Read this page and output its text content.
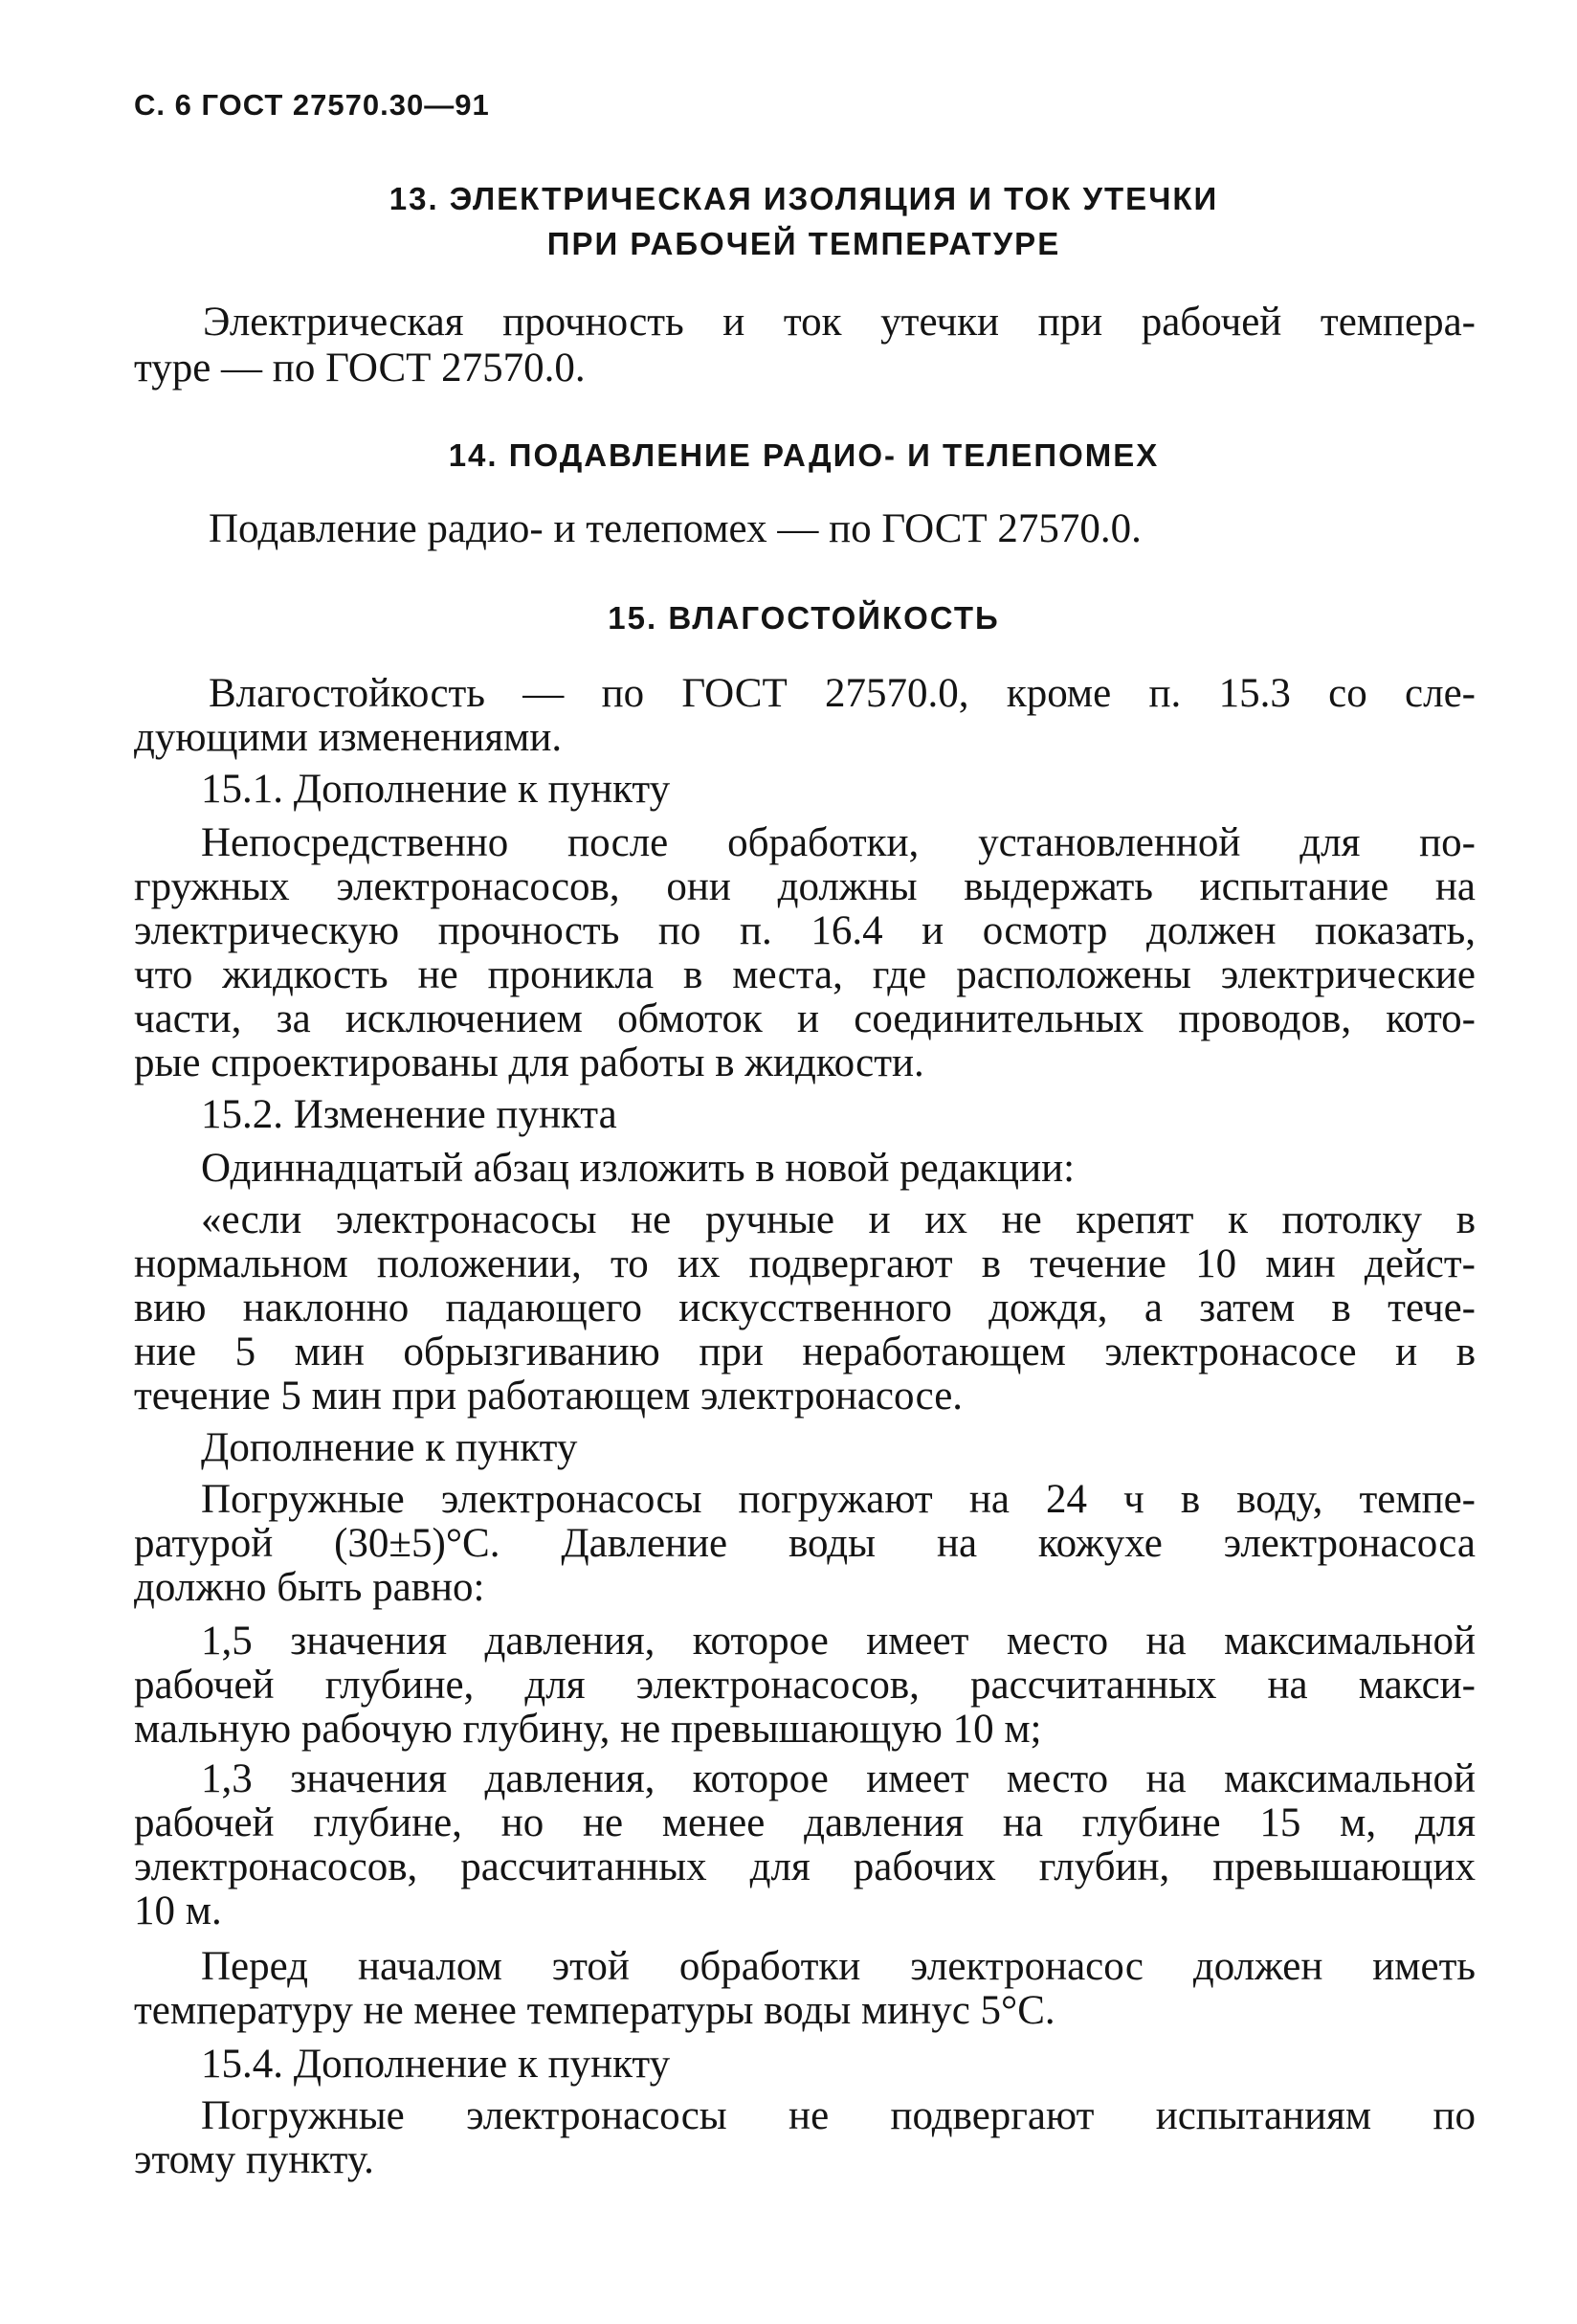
С. 6 ГОСТ 27570.30—91
13. ЭЛЕКТРИЧЕСКАЯ ИЗОЛЯЦИЯ И ТОК УТЕЧКИ
ПРИ РАБОЧЕЙ ТЕМПЕРАТУРЕ
Электрическая прочность и ток утечки при рабочей темпера-
туре — по ГОСТ 27570.0.
14. ПОДАВЛЕНИЕ РАДИО- И ТЕЛЕПОМЕХ
Подавление радио- и телепомех — по ГОСТ 27570.0.
15. ВЛАГОСТОЙКОСТЬ
Влагостойкость — по ГОСТ 27570.0, кроме п. 15.3 со сле-
дующими изменениями.
15.1. Дополнение к пункту
Непосредственно после обработки, установленной для по-
гружных электронасосов, они должны выдержать испытание на
электрическую прочность по п. 16.4 и осмотр должен показать,
что жидкость не проникла в места, где расположены электрические
части, за исключением обмоток и соединительных проводов, кото-
рые спроектированы для работы в жидкости.
15.2. Изменение пункта
Одиннадцатый абзац изложить в новой редакции:
«если электронасосы не ручные и их не крепят к потолку в
нормальном положении, то их подвергают в течение 10 мин дейст-
вию наклонно падающего искусственного дождя, а затем в тече-
ние 5 мин обрызгиванию при неработающем электронасосе и в
течение 5 мин при работающем электронасосе.
Дополнение к пункту
Погружные электронасосы погружают на 24 ч в воду, темпе-
ратурой (30±5)°C. Давление воды на кожухе электронасоса
должно быть равно:
1,5 значения давления, которое имеет место на максимальной
рабочей глубине, для электронасосов, рассчитанных на макси-
мальную рабочую глубину, не превышающую 10 м;
1,3 значения давления, которое имеет место на максимальной
рабочей глубине, но не менее давления на глубине 15 м, для
электронасосов, рассчитанных для рабочих глубин, превышающих
10 м.
Перед началом этой обработки электронасос должен иметь
температуру не менее температуры воды минус 5°C.
15.4. Дополнение к пункту
Погружные электронасосы не подвергают испытаниям по
этому пункту.
